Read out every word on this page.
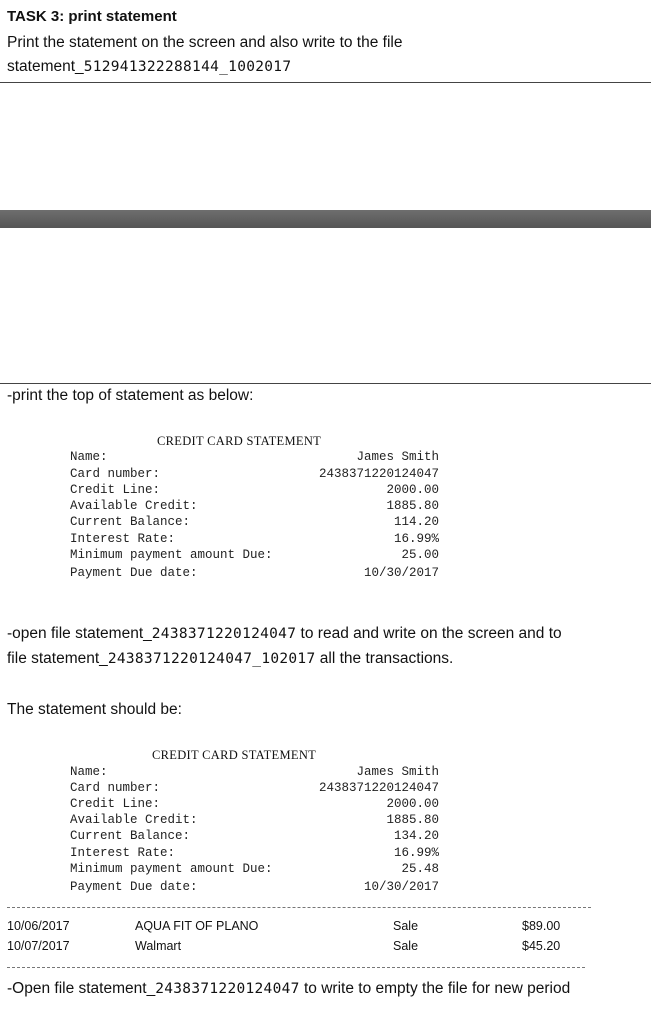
TASK 3: print statement
Print the statement on the screen and also write to the file
statement_512941322288144_1002017
-print the top of statement as below:
CREDIT CARD STATEMENT
Name:	James Smith
Card number:	2438371220124047
Credit Line:	2000.00
Available Credit:	1885.80
Current Balance:	114.20
Interest Rate:	16.99%
Minimum payment amount Due:	25.00
Payment Due date:	10/30/2017
-open file statement_2438371220124047 to read and write on the screen and to
file statement_2438371220124047_102017 all the transactions.
The statement should be:
CREDIT CARD STATEMENT
Name:	James Smith
Card number:	2438371220124047
Credit Line:	2000.00
Available Credit:	1885.80
Current Balance:	134.20
Interest Rate:	16.99%
Minimum payment amount Due:	25.48
Payment Due date:	10/30/2017
10/06/2017	AQUA FIT OF PLANO	Sale	$89.00
10/07/2017	Walmart	Sale	$45.20
-Open file statement_2438371220124047 to write to empty the file for new period
